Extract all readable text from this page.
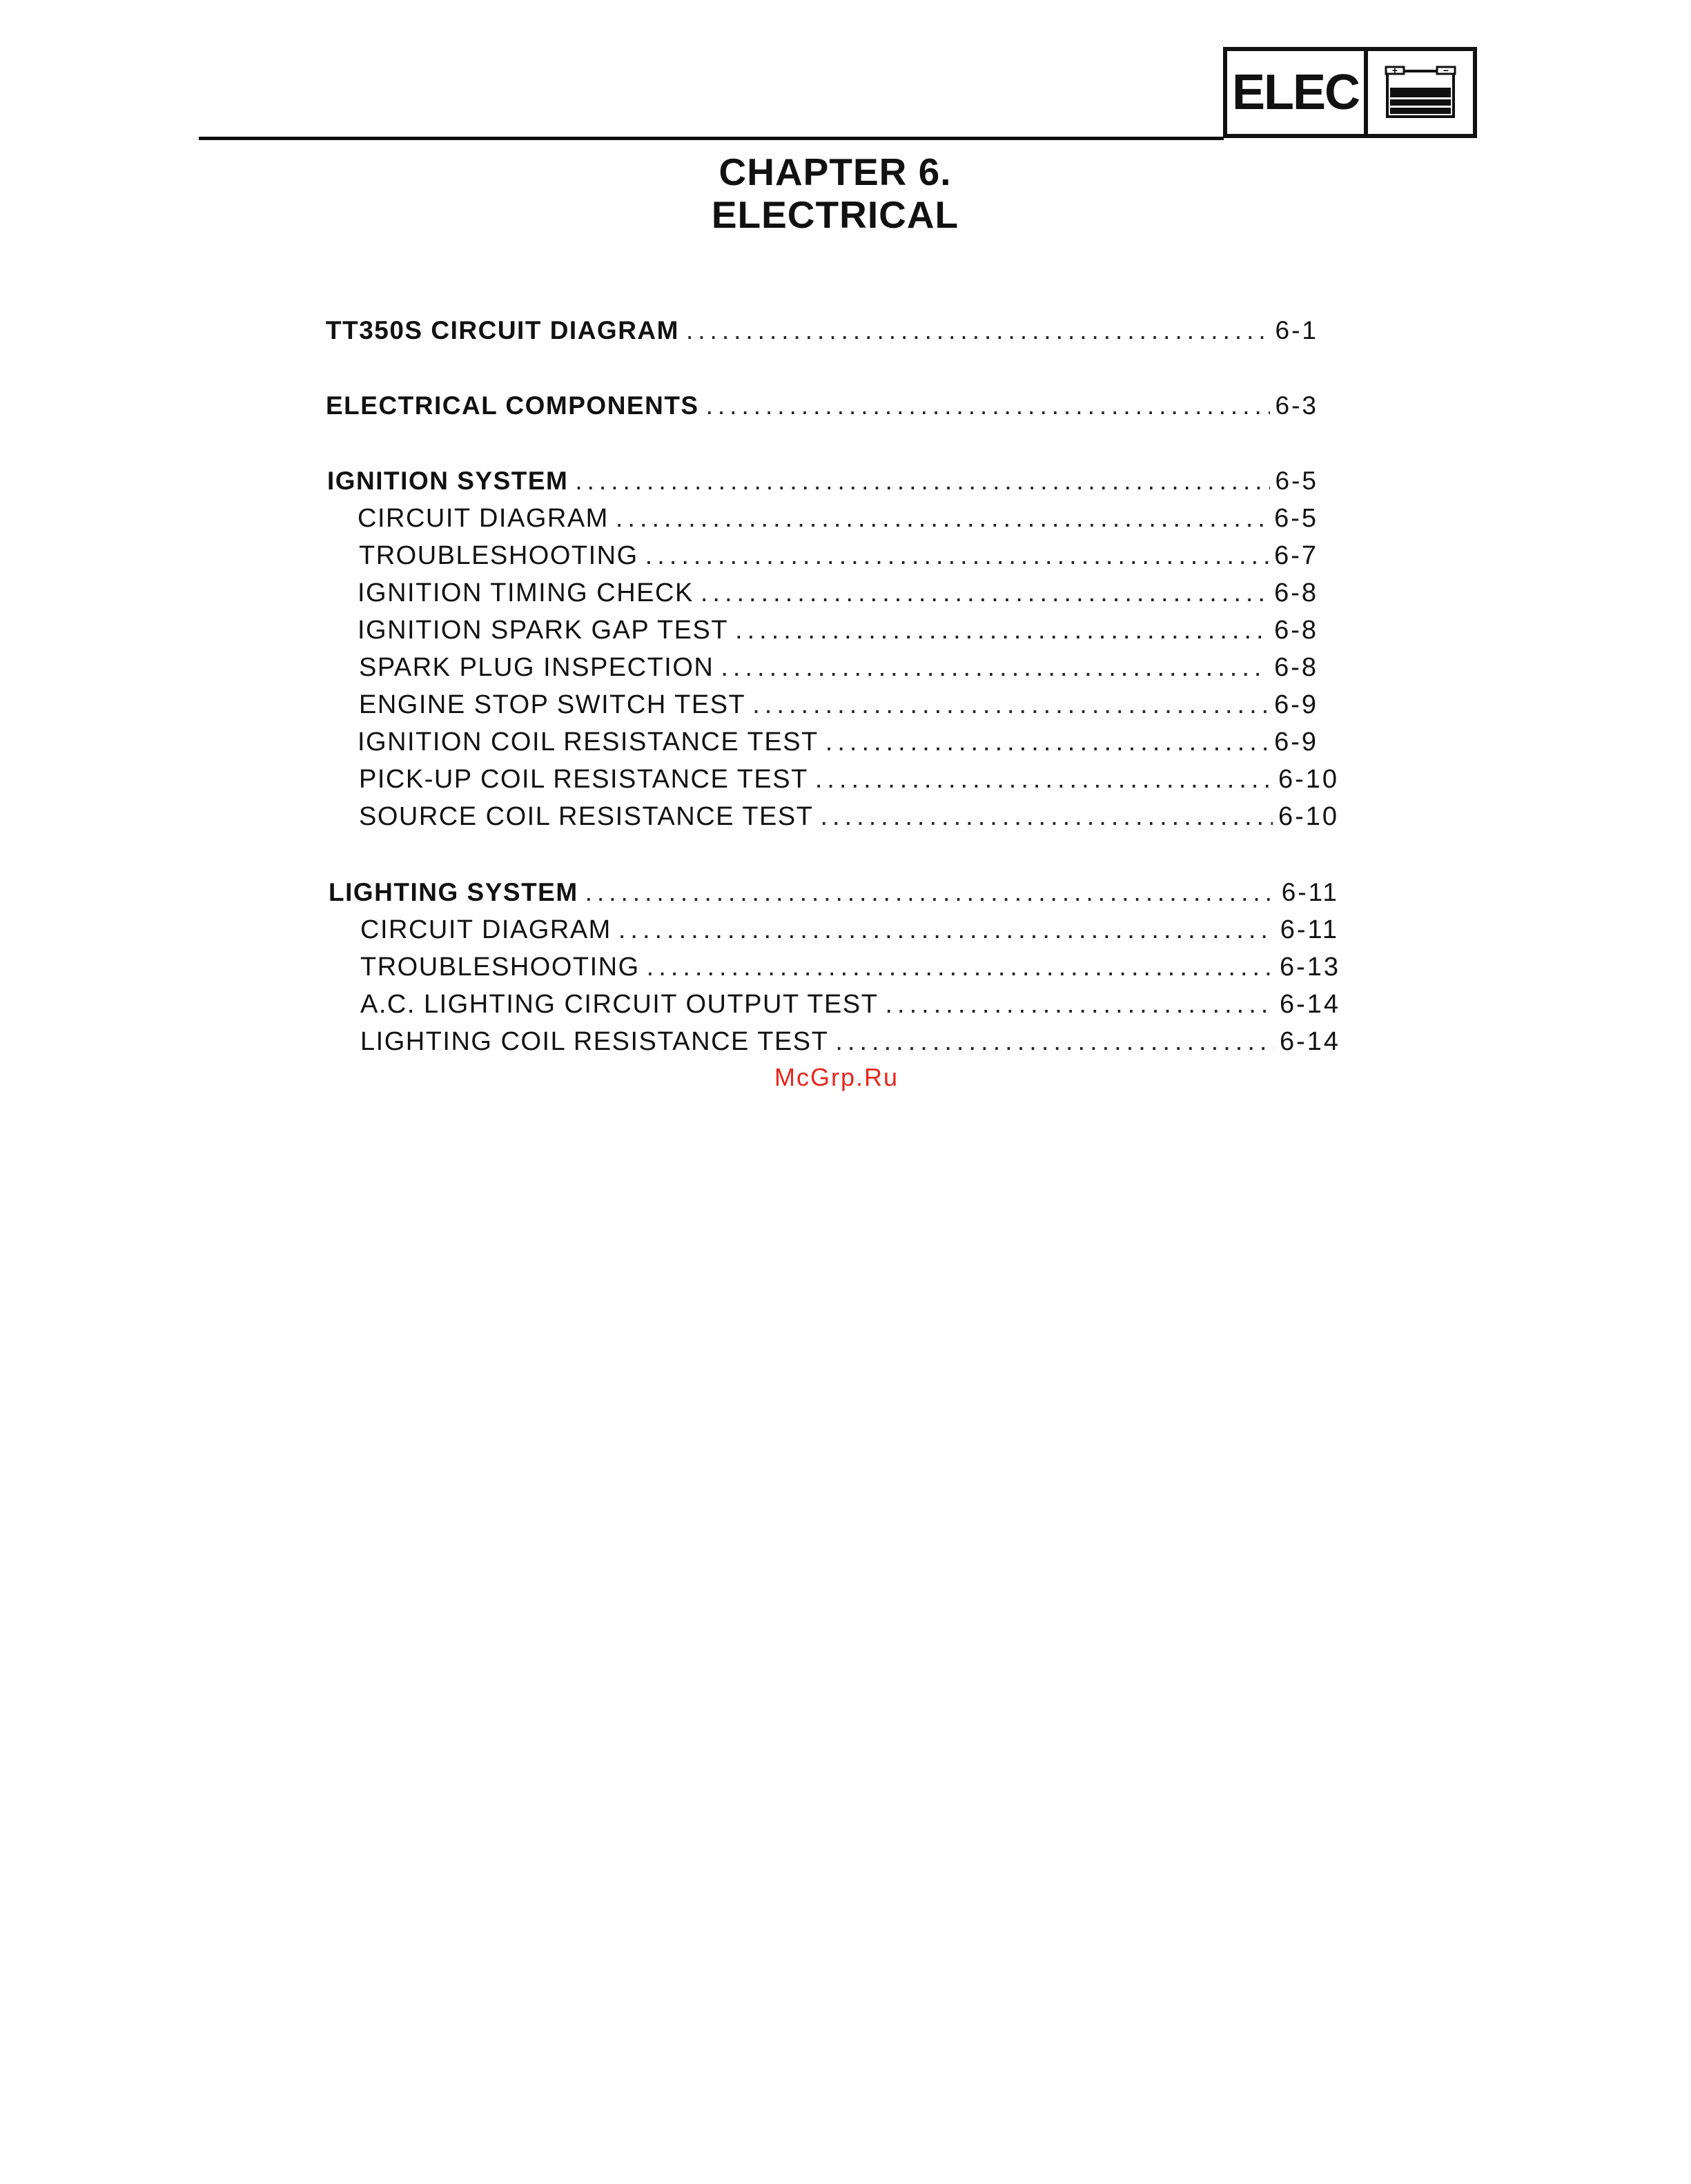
ELEC	+	−
CHAPTER 6.
ELECTRICAL
TT350S CIRCUIT DIAGRAM .....	6-1
ELECTRICAL COMPONENTS .....	6-3
IGNITION SYSTEM .....	6-5
CIRCUIT DIAGRAM .....	6-5
TROUBLESHOOTING .....	6-7
IGNITION TIMING CHECK .....	6-8
IGNITION SPARK GAP TEST .....	6-8
SPARK PLUG INSPECTION .....	6-8
ENGINE STOP SWITCH TEST .....	6-9
IGNITION COIL RESISTANCE TEST .....	6-9
PICK-UP COIL RESISTANCE TEST .....	6-10
SOURCE COIL RESISTANCE TEST .....	6-10
LIGHTING SYSTEM .....	6-11
CIRCUIT DIAGRAM .....	6-11
TROUBLESHOOTING .....	6-13
A.C. LIGHTING CIRCUIT OUTPUT TEST .....	6-14
LIGHTING COIL RESISTANCE TEST .....	6-14
McGrp.Ru
